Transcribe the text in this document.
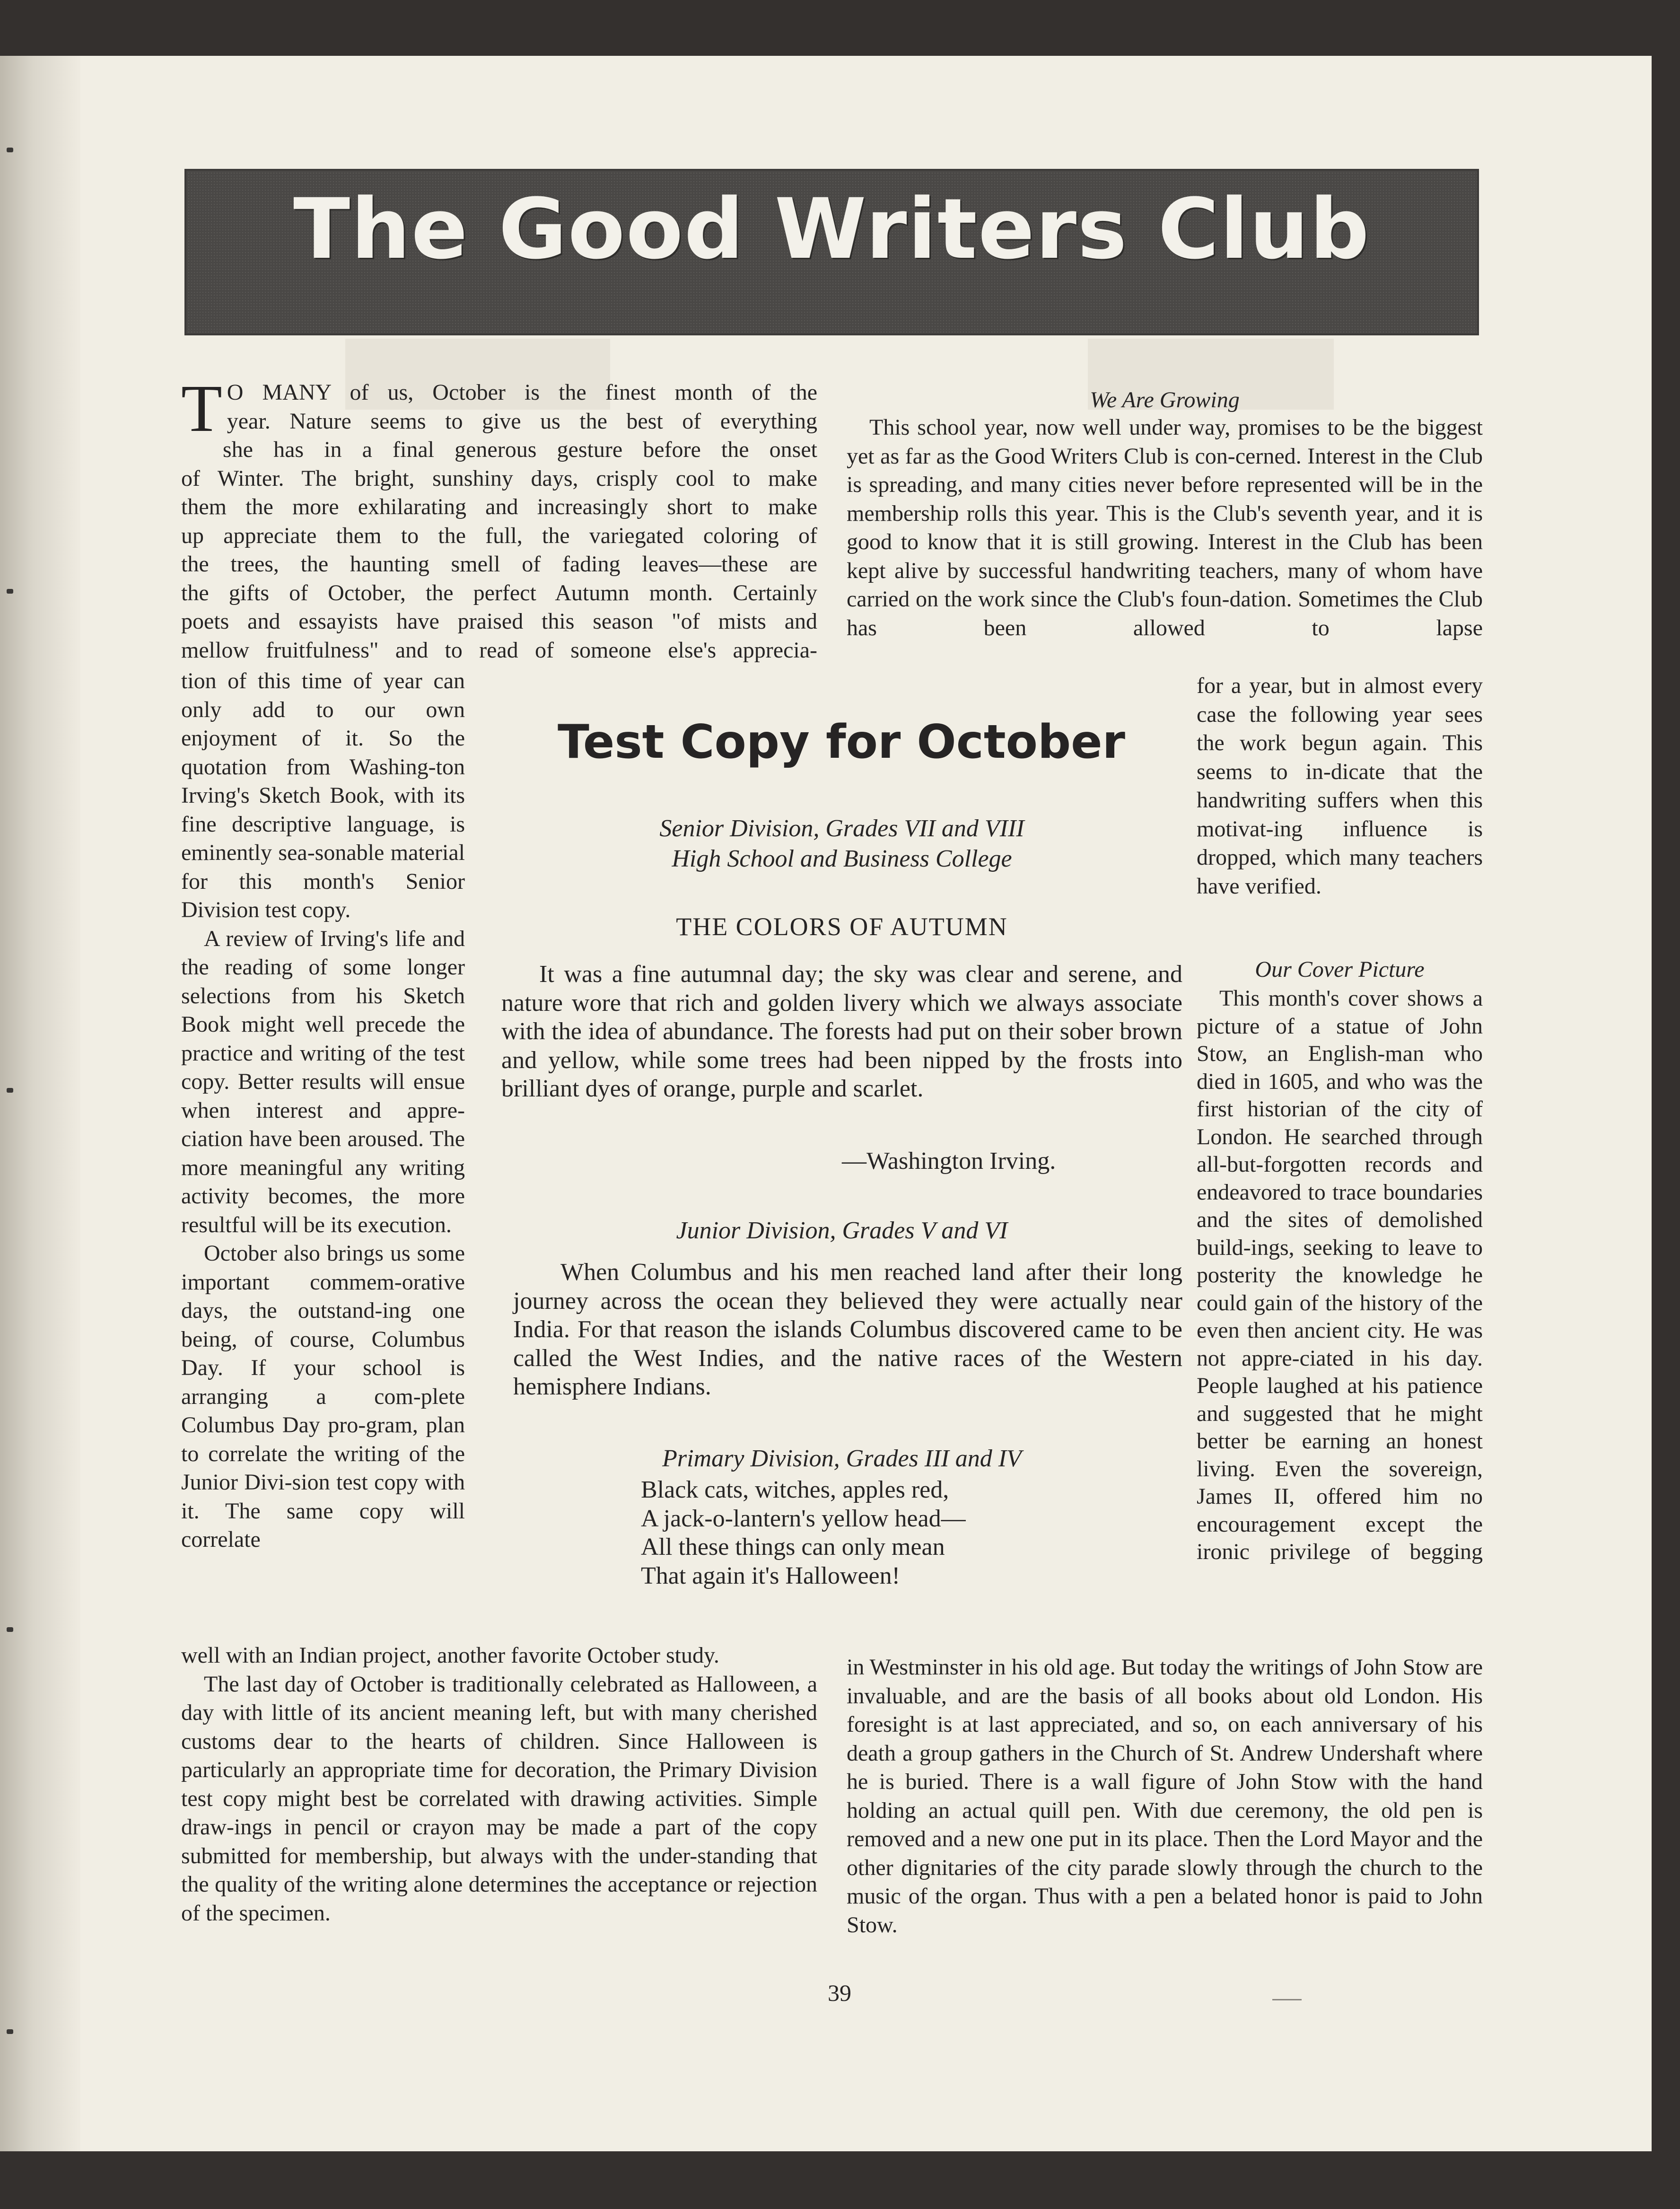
The Good Writers Club
T O MANY of us, October is the finest month of the
year. Nature seems to give us the best of everything
she has in a final generous gesture before the onset
of Winter. The bright, sunshiny days, crisply cool to make
them the more exhilarating and increasingly short to make
up appreciate them to the full, the variegated coloring of
the trees, the haunting smell of fading leaves—these are
the gifts of October, the perfect Autumn month. Certainly
poets and essayists have praised this season "of mists and
mellow fruitfulness" and to read of someone else's apprecia-

tion of this time of year can only add to our own enjoyment of it. So the quotation from Washing-ton Irving's Sketch Book, with its fine descriptive language, is eminently sea-sonable material for this month's Senior Division test copy.

A review of Irving's life and the reading of some longer selections from his Sketch Book might well precede the practice and writing of the test copy. Better results will ensue when interest and appre-ciation have been aroused. The more meaningful any writing activity becomes, the more resultful will be its execution.

October also brings us some important commem-orative days, the outstand-ing one being, of course, Columbus Day. If your school is arranging a com-plete Columbus Day pro-gram, plan to correlate the writing of the Junior Divi-sion test copy with it. The same copy will correlate

well with an Indian project, another favorite October study.

The last day of October is traditionally celebrated as Halloween, a day with little of its ancient meaning left, but with many cherished customs dear to the hearts of children. Since Halloween is particularly an appropriate time for decoration, the Primary Division test copy might best be correlated with drawing activities. Simple draw-ings in pencil or crayon may be made a part of the copy submitted for membership, but always with the under-standing that the quality of the writing alone determines the acceptance or rejection of the specimen.

We Are Growing

This school year, now well under way, promises to be the biggest yet as far as the Good Writers Club is con-cerned. Interest in the Club is spreading, and many cities never before represented will be in the membership rolls this year. This is the Club's seventh year, and it is good to know that it is still growing. Interest in the Club has been kept alive by successful handwriting teachers, many of whom have carried on the work since the Club's foun-dation. Sometimes the Club has been allowed to lapse

for a year, but in almost every case the following year sees the work begun again. This seems to in-dicate that the handwriting suffers when this motivat-ing influence is dropped, which many teachers have verified.

Our Cover Picture

This month's cover shows a picture of a statue of John Stow, an English-man who died in 1605, and who was the first historian of the city of London. He searched through all-but-forgotten records and endeavored to trace boundaries and the sites of demolished build-ings, seeking to leave to posterity the knowledge he could gain of the history of the even then ancient city. He was not appre-ciated in his day. People laughed at his patience and suggested that he might better be earning an honest living. Even the sovereign, James II, offered him no encouragement except the ironic privilege of begging

in Westminster in his old age. But today the writings of John Stow are invaluable, and are the basis of all books about old London. His foresight is at last appreciated, and so, on each anniversary of his death a group gathers in the Church of St. Andrew Undershaft where he is buried. There is a wall figure of John Stow with the hand holding an actual quill pen. With due ceremony, the old pen is removed and a new one put in its place. Then the Lord Mayor and the other dignitaries of the city parade slowly through the church to the music of the organ. Thus with a pen a belated honor is paid to John Stow.

Test Copy for October
Senior Division, Grades VII and VIII
High School and Business College
THE COLORS OF AUTUMN
It was a fine autumnal day; the sky was clear and serene, and nature wore that rich and golden livery which we always associate with the idea of abundance. The forests had put on their sober brown and yellow, while some trees had been nipped by the frosts into brilliant dyes of orange, purple and scarlet.
—Washington Irving.
Junior Division, Grades V and VI
When Columbus and his men reached land after their long journey across the ocean they believed they were actually near India. For that reason the islands Columbus discovered came to be called the West Indies, and the native races of the Western hemisphere Indians.
Primary Division, Grades III and IV
Black cats, witches, apples red,
A jack-o-lantern's yellow head—
All these things can only mean
That again it's Halloween!
39
